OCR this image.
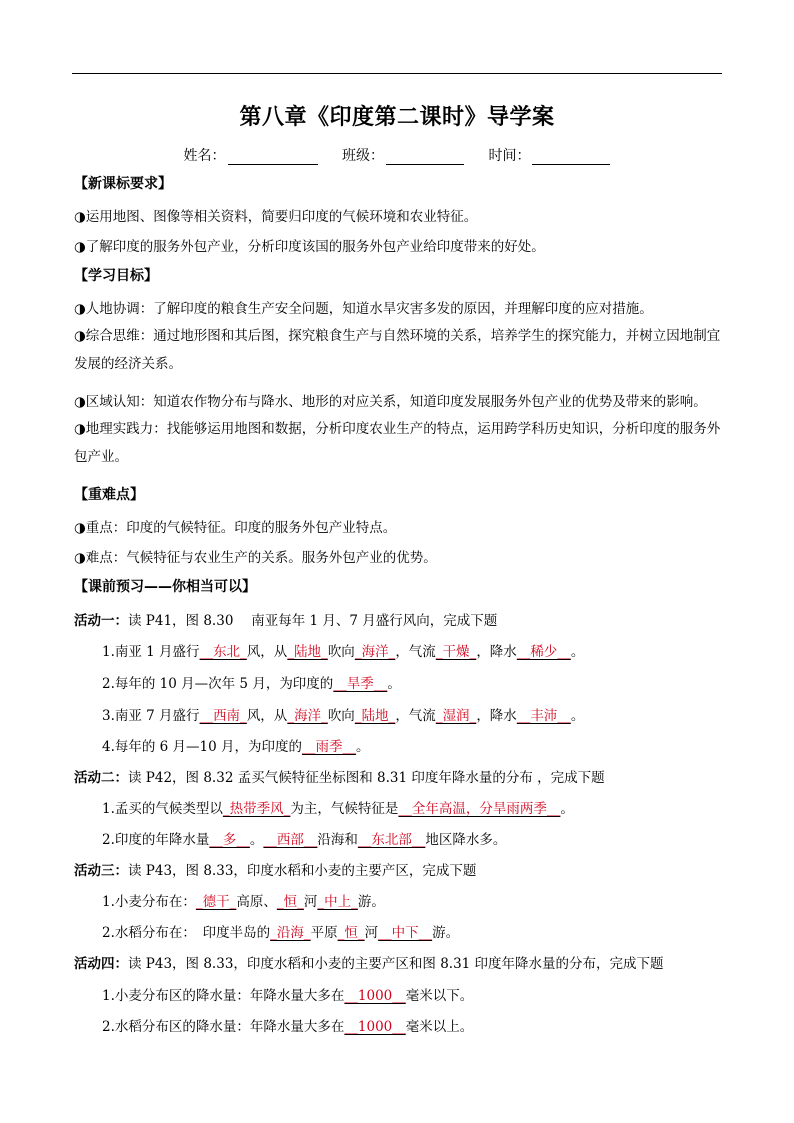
第八章《印度第二课时》导学案
姓名：	班级：	时间：
【新课标要求】
◑运用地图、图像等相关资料，简要归印度的气候环境和农业特征。
◑了解印度的服务外包产业，分析印度该国的服务外包产业给印度带来的好处。
【学习目标】
◑人地协调：了解印度的粮食生产安全问题，知道水旱灾害多发的原因，并理解印度的应对措施。
◑综合思维：通过地形图和其后图，探究粮食生产与自然环境的关系，培养学生的探究能力，并树立因地制宜发展的经济关系。
◑区域认知：知道农作物分布与降水、地形的对应关系，知道印度发展服务外包产业的优势及带来的影响。
◑地理实践力：找能够运用地图和数据，分析印度农业生产的特点，运用跨学科历史知识，分析印度的服务外包产业。
【重难点】
◑重点：印度的气候特征。印度的服务外包产业特点。
◑难点：气候特征与农业生产的关系。服务外包产业的优势。
【课前预习——你相当可以】
活动一：读 P41，图 8.30　 南亚每年 1 月、7 月盛行风向，完成下题
1.南亚 1 月盛行__东北_风，从_陆地_吹向_海洋_，气流_干燥_，降水__稀少__。
2.每年的 10 月—次年 5 月，为印度的__旱季__。
3.南亚 7 月盛行__西南_风，从_海洋_吹向_陆地_，气流_湿润_，降水__丰沛__。
4.每年的 6 月—10 月，为印度的__雨季__。
活动二：读 P42，图 8.32 孟买气候特征坐标图和 8.31 印度年降水量的分布 ，完成下题
1.孟买的气候类型以_热带季风_为主，气候特征是__全年高温，分旱雨两季__。
2.印度的年降水量__多__。__西部__沿海和__东北部__地区降水多。
活动三：读 P43，图 8.33，印度水稻和小麦的主要产区，完成下题
1.小麦分布在：_德干_高原、_恒_河_中上_游。
2.水稻分布在：　印度半岛的_沿海_平原_恒_河__中下__游。
活动四：读 P43，图 8.33，印度水稻和小麦的主要产区和图 8.31 印度年降水量的分布，完成下题
1.小麦分布区的降水量：年降水量大多在__1000__毫米以下。
2.水稻分布区的降水量：年降水量大多在__1000__毫米以上。
